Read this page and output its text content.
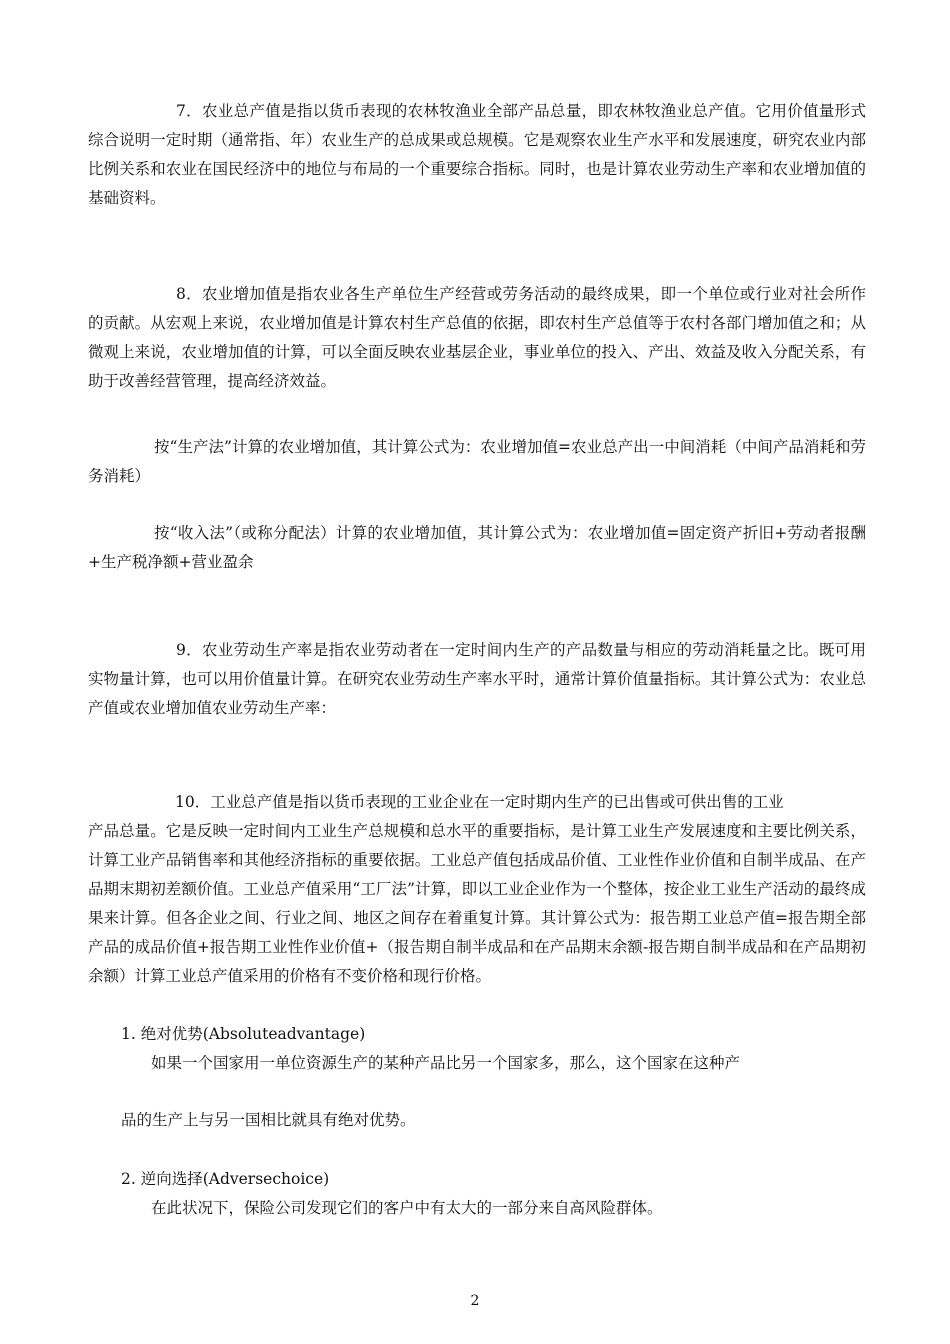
7．农业总产值是指以货币表现的农林牧渔业全部产品总量，即农林牧渔业总产值。它用价值量形式综合说明一定时期（通常指、年）农业生产的总成果或总规模。它是观察农业生产水平和发展速度，研究农业内部比例关系和农业在国民经济中的地位与布局的一个重要综合指标。同时，也是计算农业劳动生产率和农业增加值的基础资料。

8．农业增加值是指农业各生产单位生产经营或劳务活动的最终成果，即一个单位或行业对社会所作的贡献。从宏观上来说，农业增加值是计算农村生产总值的依据，即农村生产总值等于农村各部门增加值之和；从微观上来说，农业增加值的计算，可以全面反映农业基层企业，事业单位的投入、产出、效益及收入分配关系，有助于改善经营管理，提高经济效益。

按“生产法”计算的农业增加值，其计算公式为：农业增加值=农业总产出一中间消耗（中间产品消耗和劳务消耗）

按“收入法”（或称分配法）计算的农业增加值，其计算公式为：农业增加值=固定资产折旧+劳动者报酬+生产税净额+营业盈余

9．农业劳动生产率是指农业劳动者在一定时间内生产的产品数量与相应的劳动消耗量之比。既可用实物量计算，也可以用价值量计算。在研究农业劳动生产率水平时，通常计算价值量指标。其计算公式为：农业总产值或农业增加值农业劳动生产率：

10．工业总产值是指以货币表现的工业企业在一定时期内生产的已出售或可供出售的工业

产品总量。它是反映一定时间内工业生产总规模和总水平的重要指标，是计算工业生产发展速度和主要比例关系，计算工业产品销售率和其他经济指标的重要依据。工业总产值包括成品价值、工业性作业价值和自制半成品、在产品期末期初差额价值。工业总产值采用“工厂法”计算，即以工业企业作为一个整体，按企业工业生产活动的最终成果来计算。但各企业之间、行业之间、地区之间存在着重复计算。其计算公式为：报告期工业总产值=报告期全部产品的成品价值+报告期工业性作业价值+（报告期自制半成品和在产品期末余额-报告期自制半成品和在产品期初余额）计算工业总产值采用的价格有不变价格和现行价格。

1. 绝对优势(Absoluteadvantage)

如果一个国家用一单位资源生产的某种产品比另一个国家多，那么，这个国家在这种产

品的生产上与另一国相比就具有绝对优势。

2. 逆向选择(Adversechoice)

在此状况下，保险公司发现它们的客户中有太大的一部分来自高风险群体。

2
